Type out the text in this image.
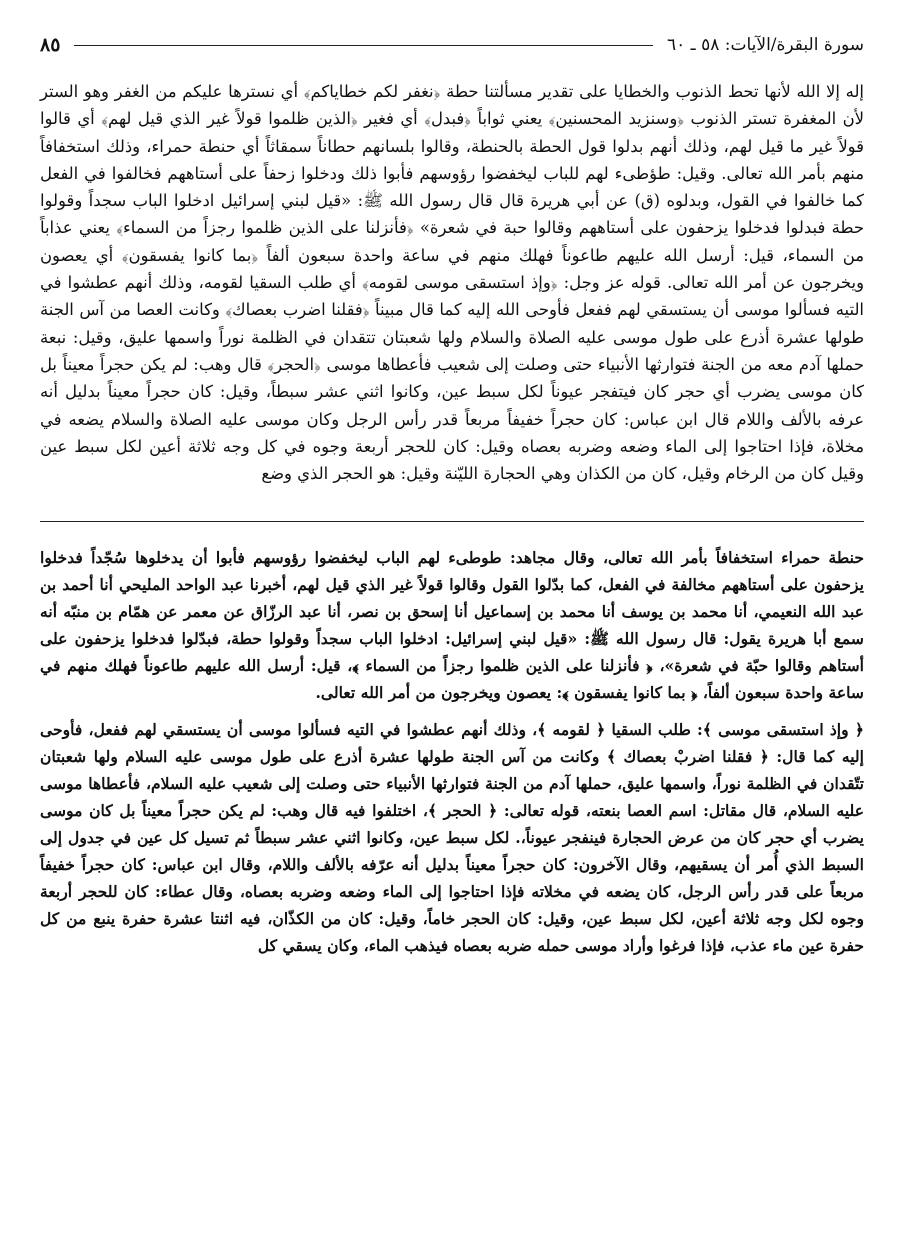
سورة البقرة/الآيات: ٥٨ ـ ٦٠
٨٥

إله إلا الله لأنها تحط الذنوب والخطايا على تقدير مسألتنا حطة ﴿نغفر لكم خطاياكم﴾ أي نسترها عليكم من الغفر وهو الستر لأن المغفرة تستر الذنوب ﴿وسنزيد المحسنين﴾ يعني ثواباً ﴿فبدل﴾ أي فغير ﴿الذين ظلموا قولاً غير الذي قيل لهم﴾ أي قالوا قولاً غير ما قيل لهم، وذلك أنهم بدلوا قول الحطة بالحنطة، وقالوا بلسانهم حطاناً سمقاثاً أي حنطة حمراء، وذلك استخفافاً منهم بأمر الله تعالى. وقيل: طؤطىء لهم للباب ليخفضوا رؤوسهم فأبوا ذلك ودخلوا زحفاً على أستاههم فخالفوا في الفعل كما خالفوا في القول، وبدلوه (ق) عن أبي هريرة قال قال رسول الله ﷺ: «قيل لبني إسرائيل ادخلوا الباب سجداً وقولوا حطة فبدلوا فدخلوا يزحفون على أستاههم وقالوا حبة في شعرة» ﴿فأنزلنا على الذين ظلموا رجزاً من السماء﴾ يعني عذاباً من السماء، قيل: أرسل الله عليهم طاعوناً فهلك منهم في ساعة واحدة سبعون ألفاً ﴿بما كانوا يفسقون﴾ أي يعصون ويخرجون عن أمر الله تعالى. قوله عز وجل: ﴿وإذ استسقى موسى لقومه﴾ أي طلب السقيا لقومه، وذلك أنهم عطشوا في التيه فسألوا موسى أن يستسقي لهم ففعل فأوحى الله إليه كما قال مبيناً ﴿فقلنا اضرب بعصاك﴾ وكانت العصا من آس الجنة طولها عشرة أذرع على طول موسى عليه الصلاة والسلام ولها شعبتان تتقدان في الظلمة نوراً واسمها عليق، وقيل: نبعة حملها آدم معه من الجنة فتوارثها الأنبياء حتى وصلت إلى شعيب فأعطاها موسى ﴿الحجر﴾ قال وهب: لم يكن حجراً معيناً بل كان موسى يضرب أي حجر كان فيتفجر عيوناً لكل سبط عين، وكانوا اثني عشر سبطاً، وقيل: كان حجراً معيناً بدليل أنه عرفه بالألف واللام قال ابن عباس: كان حجراً خفيفاً مربعاً قدر رأس الرجل وكان موسى عليه الصلاة والسلام يضعه في مخلاة، فإذا احتاجوا إلى الماء وضعه وضربه بعصاه وقيل: كان للحجر أربعة وجوه في كل وجه ثلاثة أعين لكل سبط عين وقيل كان من الرخام وقيل، كان من الكذان وهي الحجارة الليّنة وقيل: هو الحجر الذي وضع

حنطة حمراء استخفافاً بأمر الله تعالى، وقال مجاهد: طوطىء لهم الباب ليخفضوا رؤوسهم فأبوا أن يدخلوها سُجّداً فدخلوا يزحفون على أستاههم مخالفة في الفعل، كما بدّلوا القول وقالوا قولاً غير الذي قيل لهم، أخبرنا عبد الواحد المليحي أنا أحمد بن عبد الله النعيمي، أنا محمد بن يوسف أنا محمد بن إسماعيل أنا إسحق بن نصر، أنا عبد الرزّاق عن معمر عن همّام بن منبّه أنه سمع أبا هريرة يقول: قال رسول الله ﷺ: «قيل لبني إسرائيل: ادخلوا الباب سجداً وقولوا حطة، فبدّلوا فدخلوا يزحفون على أستاهم وقالوا حبّة في شعرة»، ﴿ فأنزلنا على الذين ظلموا رجزاً من السماء ﴾، قيل: أرسل الله عليهم طاعوناً فهلك منهم في ساعة واحدة سبعون ألفاً، ﴿ بما كانوا يفسقون ﴾: يعصون ويخرجون من أمر الله تعالى.

﴿ وإذ استسقى موسى ﴾: طلب السقيا ﴿ لقومه ﴾، وذلك أنهم عطشوا في التيه فسألوا موسى أن يستسقي لهم ففعل، فأوحى إليه كما قال: ﴿ فقلنا اضربْ بعصاك ﴾ وكانت من آس الجنة طولها عشرة أذرع على طول موسى عليه السلام ولها شعبتان تتّقدان في الظلمة نوراً، واسمها عليق، حملها آدم من الجنة فتوارثها الأنبياء حتى وصلت إلى شعيب عليه السلام، فأعطاها موسى عليه السلام، قال مقاتل: اسم العصا بنعته، قوله تعالى: ﴿ الحجر ﴾، اختلفوا فيه قال وهب: لم يكن حجراً معيناً بل كان موسى يضرب أي حجر كان من عرض الحجارة فينفجر عيوناً،. لكل سبط عين، وكانوا اثني عشر سبطاً ثم تسيل كل عين في جدول إلى السبط الذي أُمر أن يسقيهم، وقال الآخرون: كان حجراً معيناً بدليل أنه عرّفه بالألف واللام، وقال ابن عباس: كان حجراً خفيفاً مربعاً على قدر رأس الرجل، كان يضعه في مخلاته فإذا احتاجوا إلى الماء وضعه وضربه بعصاه، وقال عطاء: كان للحجر أربعة وجوه لكل وجه ثلاثة أعين، لكل سبط عين، وقيل: كان الحجر خاماً، وقيل: كان من الكذّان، فيه اثنتا عشرة حفرة ينبع من كل حفرة عين ماء عذب، فإذا فرغوا وأراد موسى حمله ضربه بعصاه فيذهب الماء، وكان يسقي كل
